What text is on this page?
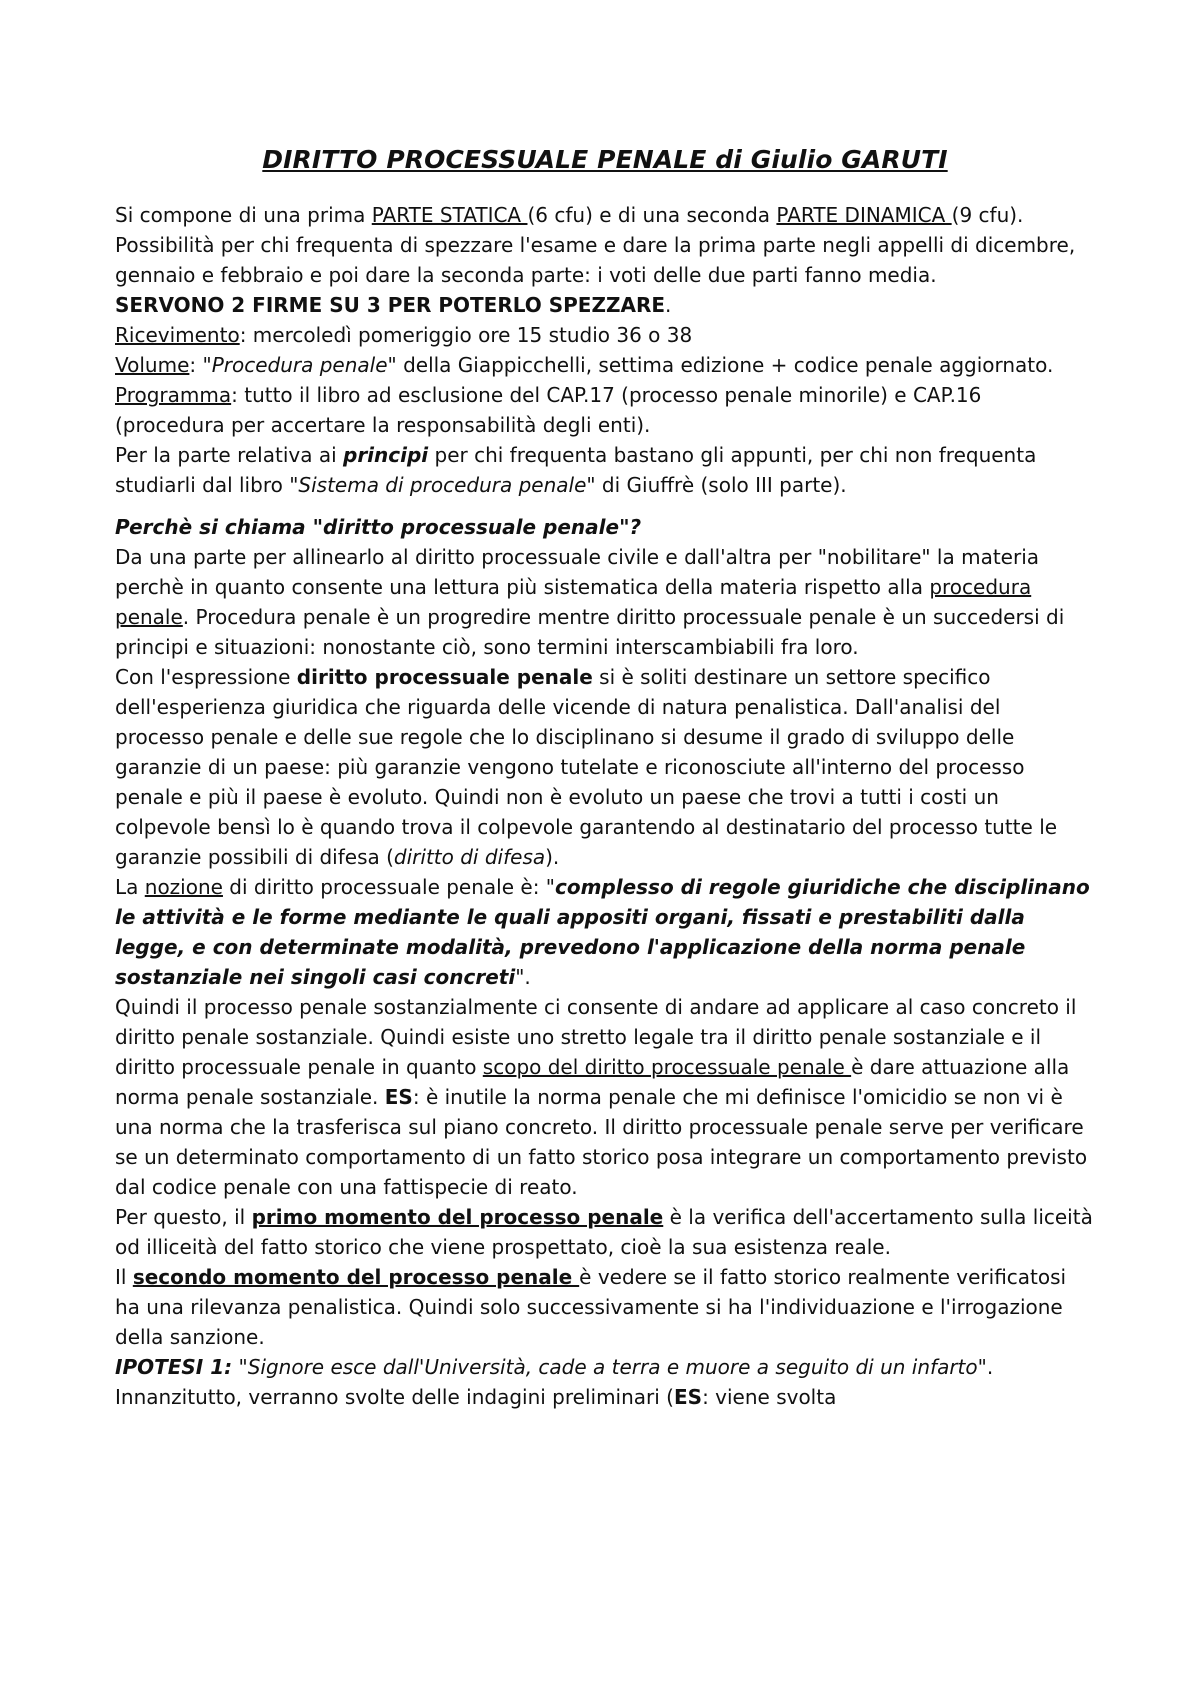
DIRITTO PROCESSUALE PENALE di Giulio GARUTI

Si compone di una prima PARTE STATICA (6 cfu) e di una seconda PARTE DINAMICA (9 cfu). Possibilità per chi frequenta di spezzare l'esame e dare la prima parte negli appelli di dicembre, gennaio e febbraio e poi dare la seconda parte: i voti delle due parti fanno media.

SERVONO 2 FIRME SU 3 PER POTERLO SPEZZARE.

Ricevimento: mercoledì pomeriggio ore 15 studio 36 o 38

Volume: "Procedura penale" della Giappicchelli, settima edizione + codice penale aggiornato.

Programma: tutto il libro ad esclusione del CAP.17 (processo penale minorile) e CAP.16 (procedura per accertare la responsabilità degli enti).

Per la parte relativa ai principi per chi frequenta bastano gli appunti, per chi non frequenta studiarli dal libro "Sistema di procedura penale" di Giuffrè (solo III parte).

Perchè si chiama "diritto processuale penale"?

Da una parte per allinearlo al diritto processuale civile e dall'altra per "nobilitare" la materia perchè in quanto consente una lettura più sistematica della materia rispetto alla procedura penale. Procedura penale è un progredire mentre diritto processuale penale è un succedersi di principi e situazioni: nonostante ciò, sono termini interscambiabili fra loro.

Con l'espressione diritto processuale penale si è soliti destinare un settore specifico dell'esperienza giuridica che riguarda delle vicende di natura penalistica. Dall'analisi del processo penale e delle sue regole che lo disciplinano si desume il grado di sviluppo delle garanzie di un paese: più garanzie vengono tutelate e riconosciute all'interno del processo penale e più il paese è evoluto. Quindi non è evoluto un paese che trovi a tutti i costi un colpevole bensì lo è quando trova il colpevole garantendo al destinatario del processo tutte le garanzie possibili di difesa (diritto di difesa).

La nozione di diritto processuale penale è: "complesso di regole giuridiche che disciplinano le attività e le forme mediante le quali appositi organi, fissati e prestabiliti dalla legge, e con determinate modalità, prevedono l'applicazione della norma penale sostanziale nei singoli casi concreti".

Quindi il processo penale sostanzialmente ci consente di andare ad applicare al caso concreto il diritto penale sostanziale. Quindi esiste uno stretto legale tra il diritto penale sostanziale e il diritto processuale penale in quanto scopo del diritto processuale penale è dare attuazione alla norma penale sostanziale. ES: è inutile la norma penale che mi definisce l'omicidio se non vi è una norma che la trasferisca sul piano concreto. Il diritto processuale penale serve per verificare se un determinato comportamento di un fatto storico posa integrare un comportamento previsto dal codice penale con una fattispecie di reato.

Per questo, il primo momento del processo penale è la verifica dell'accertamento sulla liceità od illiceità del fatto storico che viene prospettato, cioè la sua esistenza reale.

Il secondo momento del processo penale è vedere se il fatto storico realmente verificatosi ha una rilevanza penalistica. Quindi solo successivamente si ha l'individuazione e l'irrogazione della sanzione.

IPOTESI 1: "Signore esce dall'Università, cade a terra e muore a seguito di un infarto". Innanzitutto, verranno svolte delle indagini preliminari (ES: viene svolta
